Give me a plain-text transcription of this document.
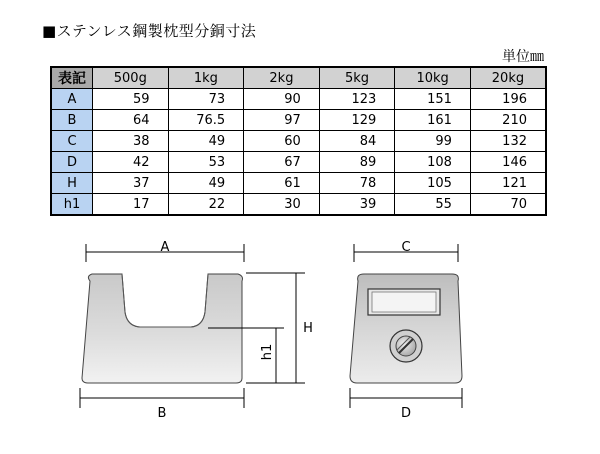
■ステンレス鋼製枕型分銅寸法
単位㎜
表記	500g	1kg	2kg	5kg	10kg	20kg
A	59	73	90	123	151	196
B	64	76.5	97	129	161	210
C	38	49	60	84	99	132
D	42	53	67	89	108	146
H	37	49	61	78	105	121
h1	17	22	30	39	55	70
A
B
H
h1
C
D
